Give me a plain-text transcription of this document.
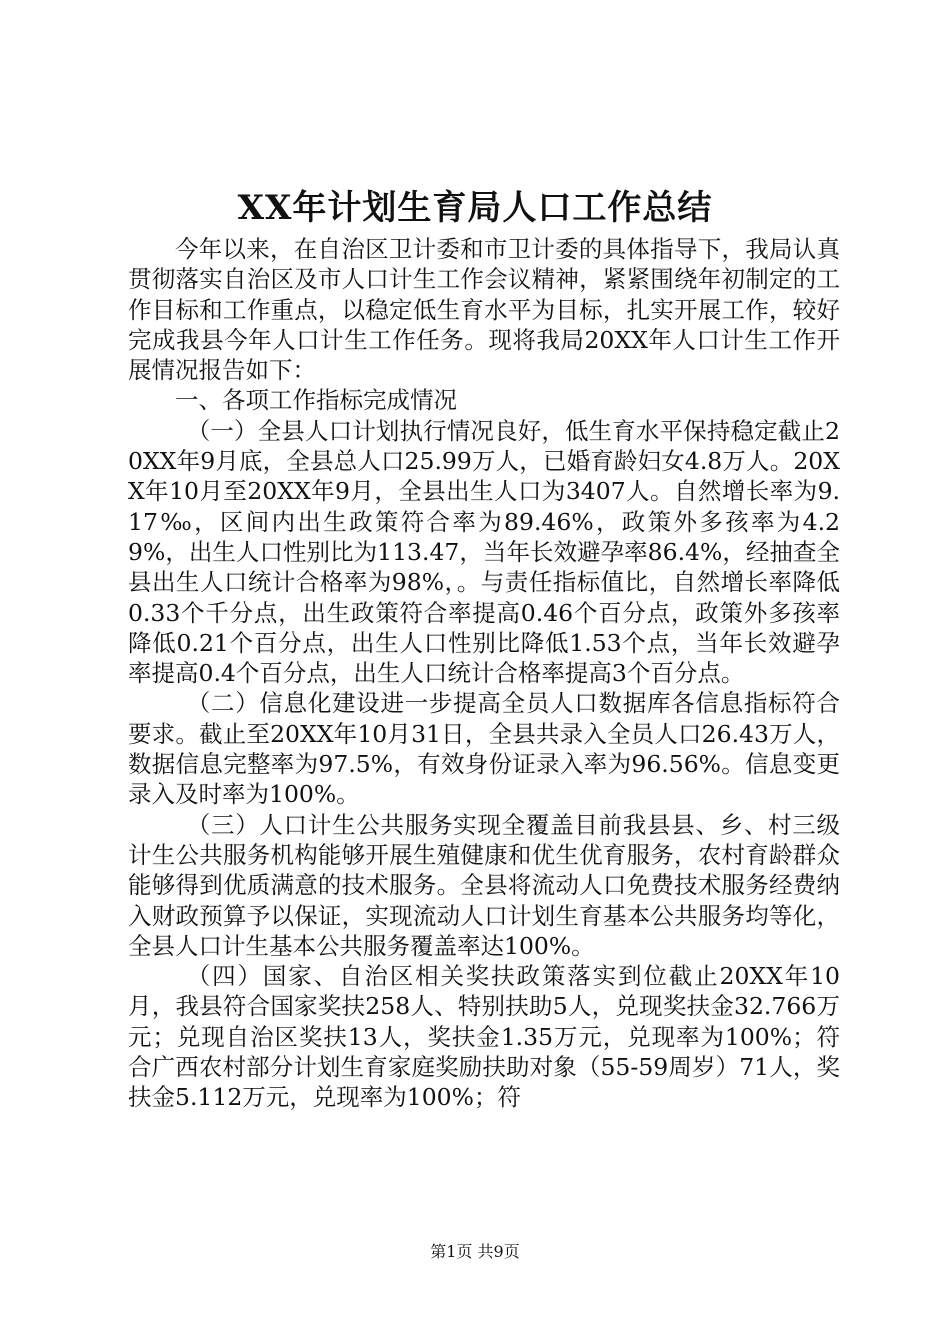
XX年计划生育局人口工作总结

今年以来，在自治区卫计委和市卫计委的具体指导下，我局认真贯彻落实自治区及市人口计生工作会议精神，紧紧围绕年初制定的工作目标和工作重点，以稳定低生育水平为目标，扎实开展工作，较好完成我县今年人口计生工作任务。现将我局20XX年人口计生工作开展情况报告如下：

一、各项工作指标完成情况

（一）全县人口计划执行情况良好，低生育水平保持稳定截止20XX年9月底，全县总人口25.99万人，已婚育龄妇女4.8万人。20XX年10月至20XX年9月，全县出生人口为3407人。自然增长率为9.17‰，区间内出生政策符合率为89.46%，政策外多孩率为4.29%，出生人口性别比为113.47，当年长效避孕率86.4%，经抽查全县出生人口统计合格率为98%，。与责任指标值比，自然增长率降低0.33个千分点，出生政策符合率提高0.46个百分点，政策外多孩率降低0.21个百分点，出生人口性别比降低1.53个点，当年长效避孕率提高0.4个百分点，出生人口统计合格率提高3个百分点。

（二）信息化建设进一步提高全员人口数据库各信息指标符合要求。截止至20XX年10月31日，全县共录入全员人口26.43万人，数据信息完整率为97.5%，有效身份证录入率为96.56%。信息变更录入及时率为100%。

（三）人口计生公共服务实现全覆盖目前我县县、乡、村三级计生公共服务机构能够开展生殖健康和优生优育服务，农村育龄群众能够得到优质满意的技术服务。全县将流动人口免费技术服务经费纳入财政预算予以保证，实现流动人口计划生育基本公共服务均等化，全县人口计生基本公共服务覆盖率达100%。

（四）国家、自治区相关奖扶政策落实到位截止20XX年10月，我县符合国家奖扶258人、特别扶助5人，兑现奖扶金32.766万元；兑现自治区奖扶13人，奖扶金1.35万元，兑现率为100%；符合广西农村部分计划生育家庭奖励扶助对象（55-59周岁）71人，奖扶金5.112万元，兑现率为100%；符

第1页 共9页
